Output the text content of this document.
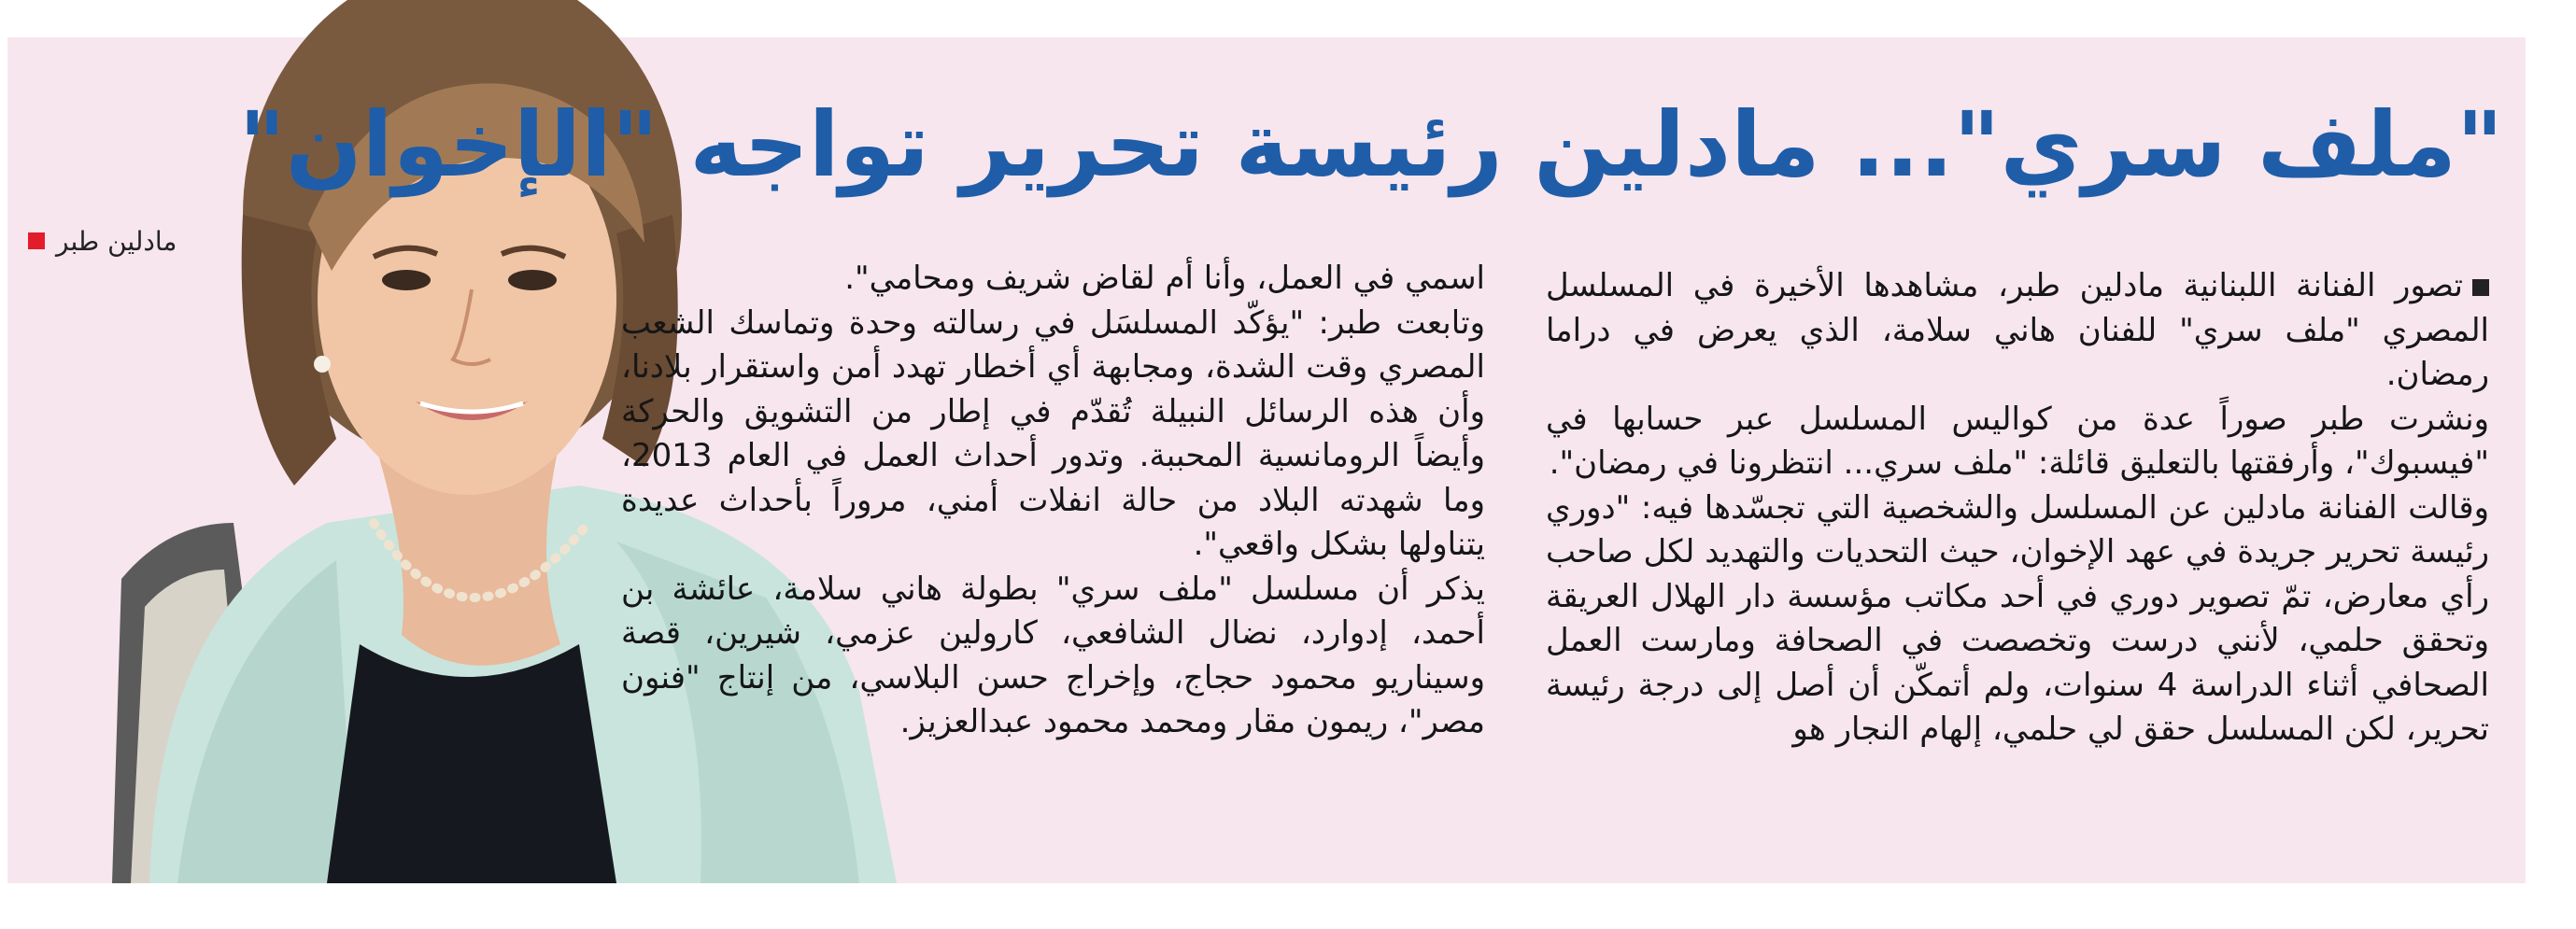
مادلين طبر
"ملف سري"... مادلين رئيسة تحرير تواجه "الإخوان"

تصور الفنانة اللبنانية مادلين طبر، مشاهدها الأخيرة في المسلسل المصري "ملف سري" للفنان هاني سلامة، الذي يعرض في دراما رمضان.

ونشرت طبر صوراً عدة من كواليس المسلسل عبر حسابها في "فيسبوك"، وأرفقتها بالتعليق قائلة: "ملف سري... انتظرونا في رمضان".

وقالت الفنانة مادلين عن المسلسل والشخصية التي تجسّدها فيه: "دوري رئيسة تحرير جريدة في عهد الإخوان، حيث التحديات والتهديد لكل صاحب رأي معارض، تمّ تصوير دوري في أحد مكاتب مؤسسة دار الهلال العريقة وتحقق حلمي، لأنني درست وتخصصت في الصحافة ومارست العمل الصحافي أثناء الدراسة 4 سنوات، ولم أتمكّن أن أصل إلى درجة رئيسة تحرير، لكن المسلسل حقق لي حلمي، إلهام النجار هو

اسمي في العمل، وأنا أم لقاض شريف ومحامي".

وتابعت طبر: "يؤكّد المسلسَل في رسالته وحدة وتماسك الشعب المصري وقت الشدة، ومجابهة أي أخطار تهدد أمن واستقرار بلادنا، وأن هذه الرسائل النبيلة تُقدّم في إطار من التشويق والحركة وأيضاً الرومانسية المحببة. وتدور أحداث العمل في العام 2013، وما شهدته البلاد من حالة انفلات أمني، مروراً بأحداث عديدة يتناولها بشكل واقعي".

يذكر أن مسلسل "ملف سري" بطولة هاني سلامة، عائشة بن أحمد، إدوارد، نضال الشافعي، كارولين عزمي، شيرين، قصة وسيناريو محمود حجاج، وإخراج حسن البلاسي، من إنتاج "فنون مصر"، ريمون مقار ومحمد محمود عبدالعزيز.
